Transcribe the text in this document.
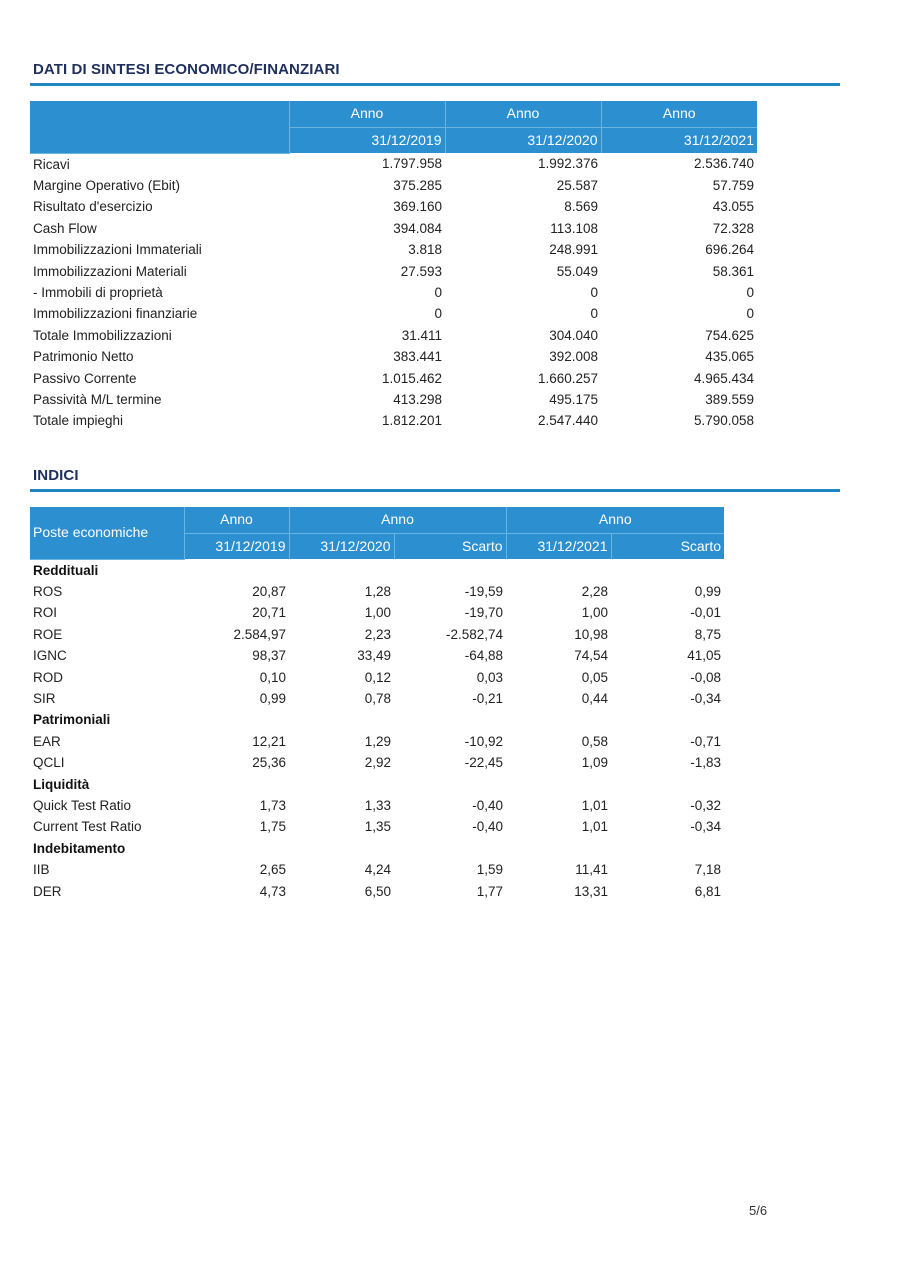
DATI DI SINTESI ECONOMICO/FINANZIARI
	Anno	Anno	Anno
	31/12/2019	31/12/2020	31/12/2021
Ricavi	1.797.958	1.992.376	2.536.740
Margine Operativo (Ebit)	375.285	25.587	57.759
Risultato d'esercizio	369.160	8.569	43.055
Cash Flow	394.084	113.108	72.328
Immobilizzazioni Immateriali	3.818	248.991	696.264
Immobilizzazioni Materiali	27.593	55.049	58.361
- Immobili di proprietà	0	0	0
Immobilizzazioni finanziarie	0	0	0
Totale Immobilizzazioni	31.411	304.040	754.625
Patrimonio Netto	383.441	392.008	435.065
Passivo Corrente	1.015.462	1.660.257	4.965.434
Passività M/L termine	413.298	495.175	389.559
Totale impieghi	1.812.201	2.547.440	5.790.058
INDICI
Poste economiche	Anno	Anno		Anno	
	31/12/2019	31/12/2020	Scarto	31/12/2021	Scarto
Reddituali					
ROS	20,87	1,28	-19,59	2,28	0,99
ROI	20,71	1,00	-19,70	1,00	-0,01
ROE	2.584,97	2,23	-2.582,74	10,98	8,75
IGNC	98,37	33,49	-64,88	74,54	41,05
ROD	0,10	0,12	0,03	0,05	-0,08
SIR	0,99	0,78	-0,21	0,44	-0,34
Patrimoniali					
EAR	12,21	1,29	-10,92	0,58	-0,71
QCLI	25,36	2,92	-22,45	1,09	-1,83
Liquidità					
Quick Test Ratio	1,73	1,33	-0,40	1,01	-0,32
Current Test Ratio	1,75	1,35	-0,40	1,01	-0,34
Indebitamento					
IIB	2,65	4,24	1,59	11,41	7,18
DER	4,73	6,50	1,77	13,31	6,81
5/6
